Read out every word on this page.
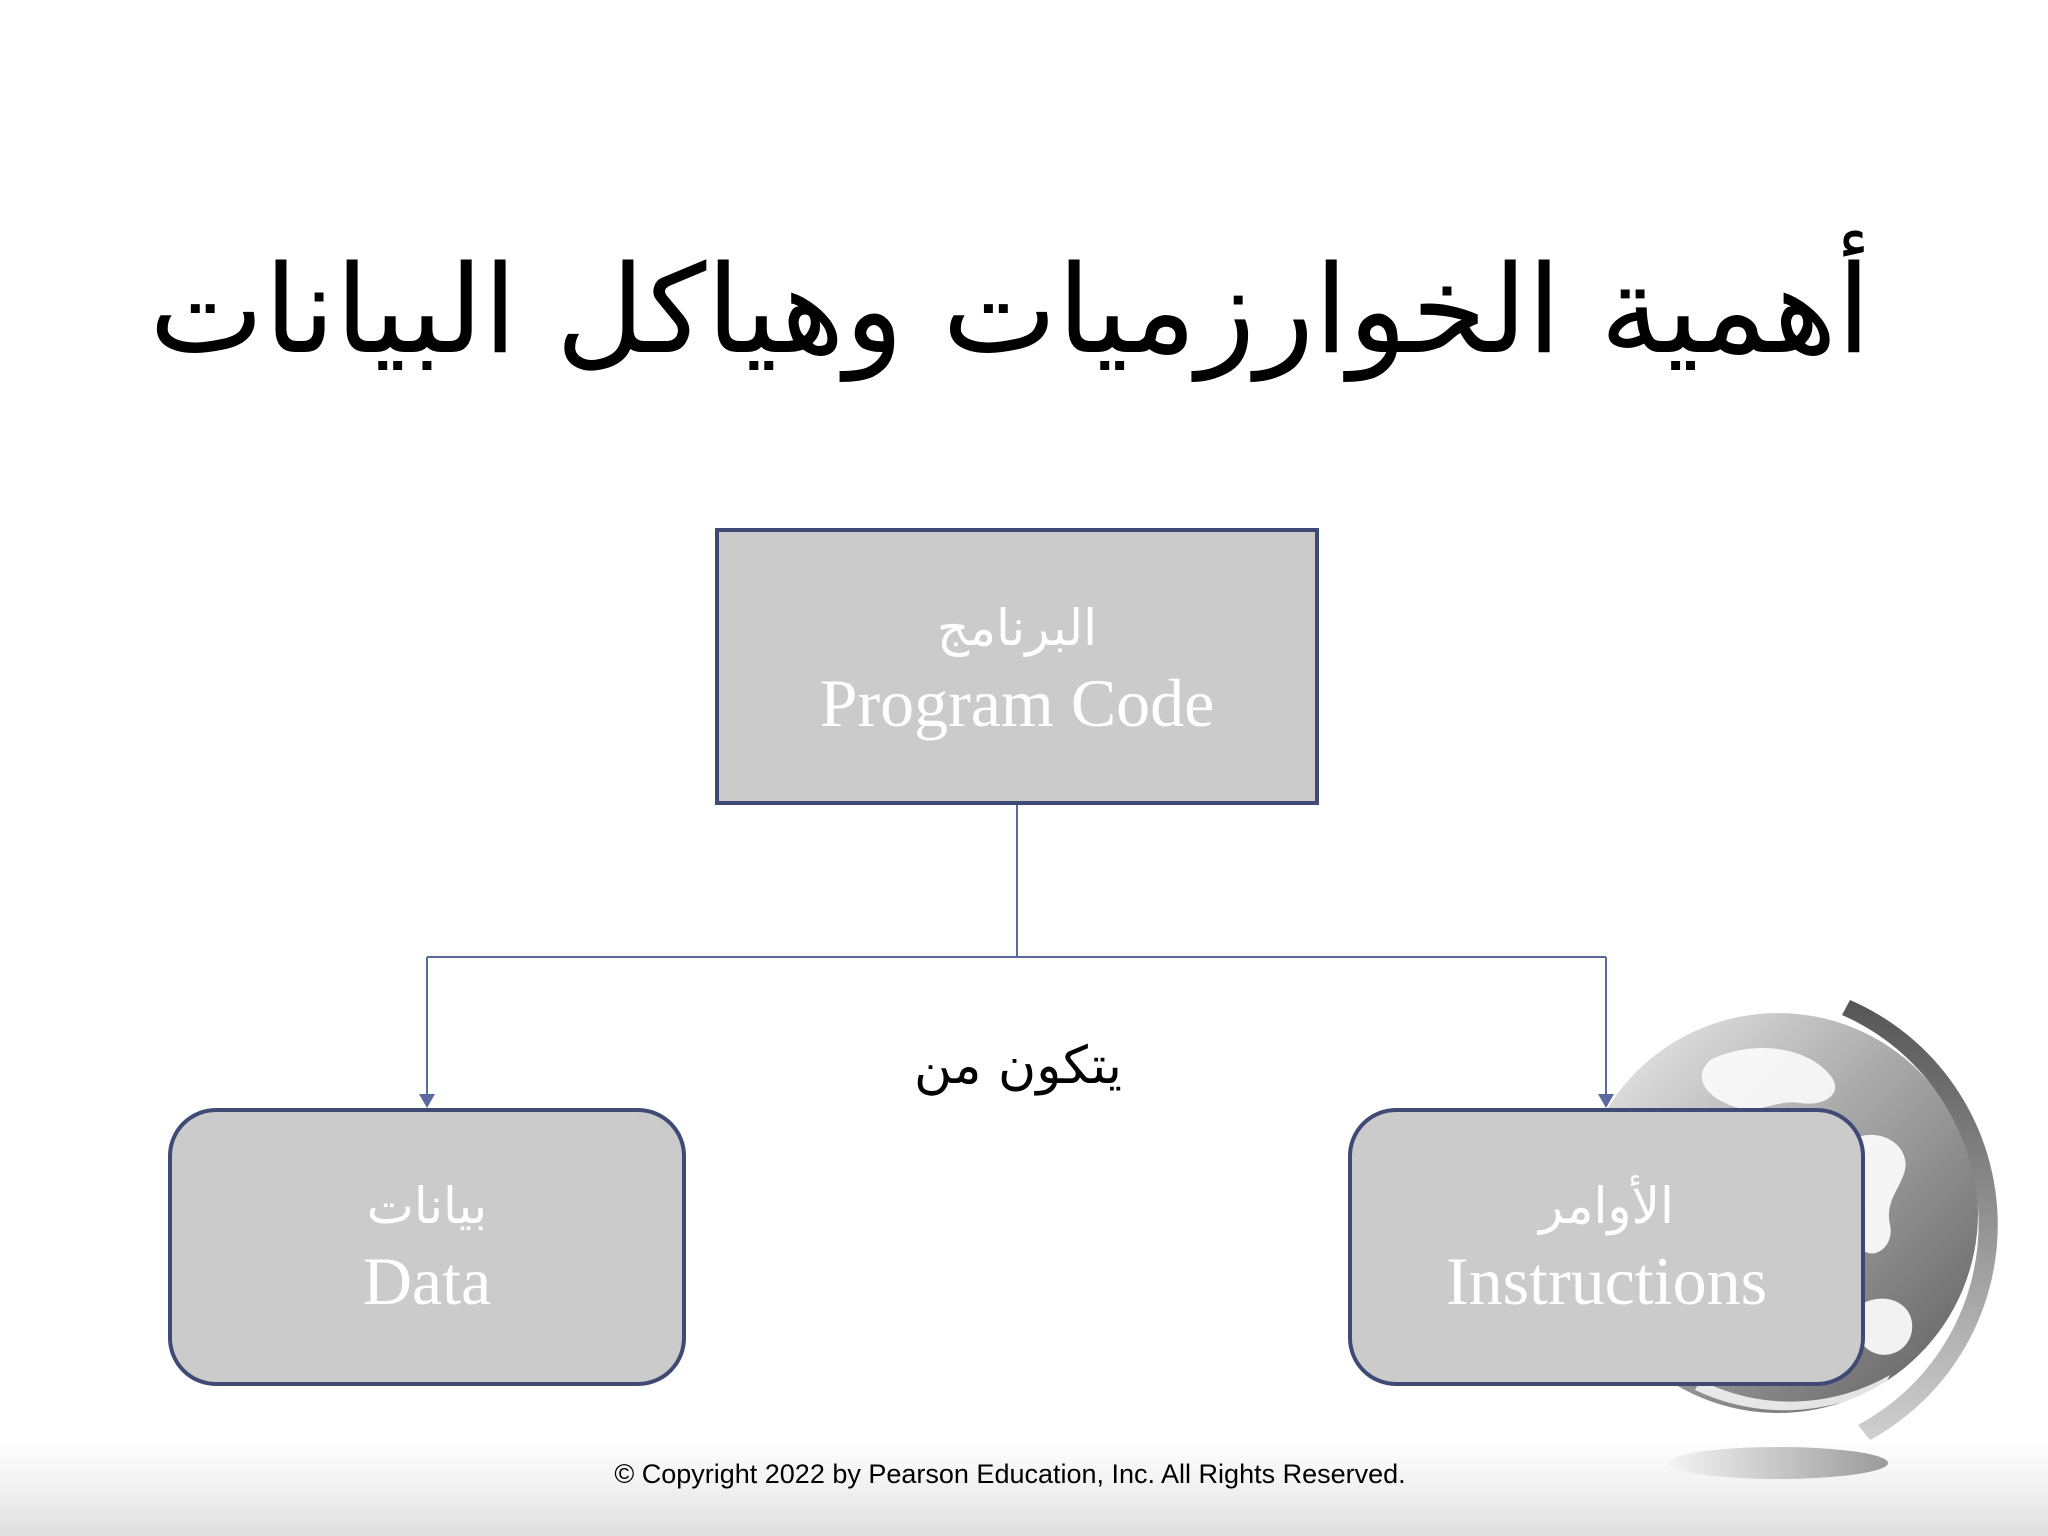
أهمية الخوارزميات وهياكل البيانات
البرنامج
Program Code
يتكون من
بيانات
Data
الأوامر
Instructions
© Copyright 2022 by Pearson Education, Inc. All Rights Reserved.
